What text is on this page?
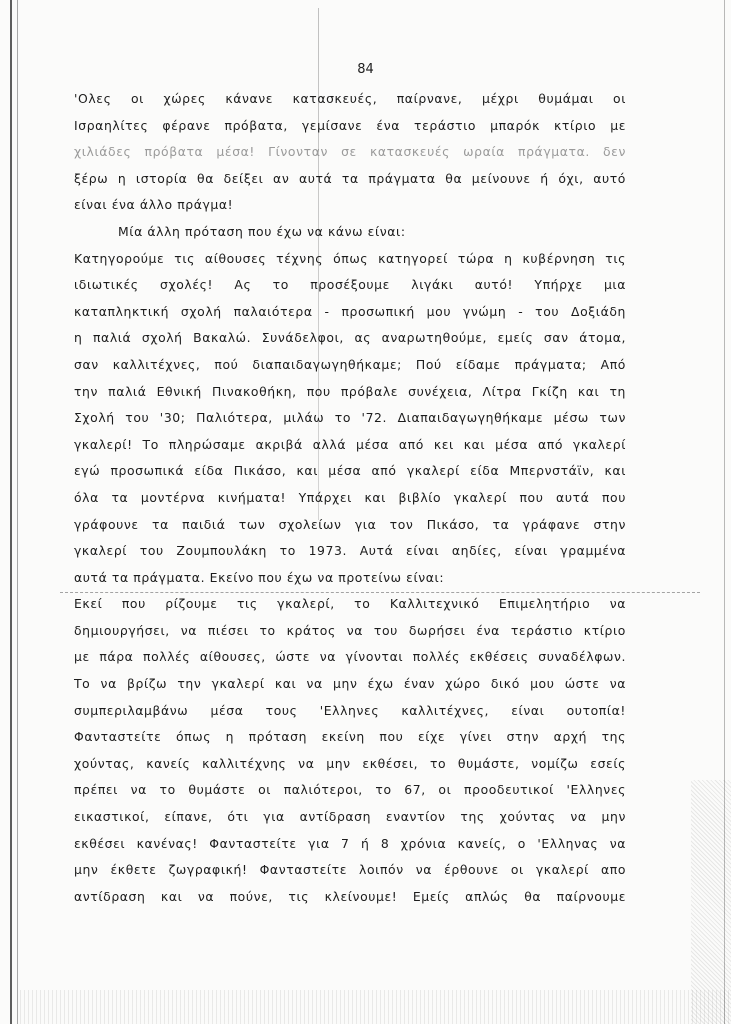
84
'Ολες οι χώρες κάνανε κατασκευές, παίρνανε, μέχρι θυμάμαι οι
Ισραηλίτες φέρανε πρόβατα, γεμίσανε ένα τεράστιο μπαρόκ κτίριο με
χιλιάδες πρόβατα μέσα! Γίνονταν σε κατασκευές ωραία πράγματα. δεν
ξέρω η ιστορία θα δείξει αν αυτά τα πράγματα θα μείνουνε ή όχι, αυτό
είναι ένα άλλο πράγμα!
Μία άλλη πρόταση που έχω να κάνω είναι:
Κατηγορούμε τις αίθουσες τέχνης όπως κατηγορεί τώρα η κυβέρνηση τις
ιδιωτικές σχολές! Ας το προσέξουμε λιγάκι αυτό! Υπήρχε μια
καταπληκτική σχολή παλαιότερα - προσωπική μου γνώμη - του Δοξιάδη
η παλιά σχολή Βακαλώ. Συνάδελφοι, ας αναρωτηθούμε, εμείς σαν άτομα,
σαν καλλιτέχνες, πού διαπαιδαγωγηθήκαμε; Πού είδαμε πράγματα; Από
την παλιά Εθνική Πινακοθήκη, που πρόβαλε συνέχεια, Λίτρα Γκίζη και τη
Σχολή του '30; Παλιότερα, μιλάω το '72. Διαπαιδαγωγηθήκαμε μέσω των
γκαλερί! Το πληρώσαμε ακριβά αλλά μέσα από κει και μέσα από γκαλερί
εγώ προσωπικά είδα Πικάσο, και μέσα από γκαλερί είδα Μπερνστάϊν, και
όλα τα μοντέρνα κινήματα! Υπάρχει και βιβλίο γκαλερί που αυτά που
γράφουνε τα παιδιά των σχολείων για τον Πικάσο, τα γράφανε στην
γκαλερί του Ζουμπουλάκη το 1973. Αυτά είναι αηδίες, είναι γραμμένα
αυτά τα πράγματα. Εκείνο που έχω να προτείνω είναι:
Εκεί που ρίζουμε τις γκαλερί, το Καλλιτεχνικό Επιμελητήριο να
δημιουργήσει, να πιέσει το κράτος να του δωρήσει ένα τεράστιο κτίριο
με πάρα πολλές αίθουσες, ώστε να γίνονται πολλές εκθέσεις συναδέλφων.
Το να βρίζω την γκαλερί και να μην έχω έναν χώρο δικό μου ώστε να
συμπεριλαμβάνω μέσα τους 'Ελληνες καλλιτέχνες, είναι ουτοπία!
Φανταστείτε όπως η πρόταση εκείνη που είχε γίνει στην αρχή της
χούντας, κανείς καλλιτέχνης να μην εκθέσει, το θυμάστε, νομίζω εσείς
πρέπει να το θυμάστε οι παλιότεροι, το 67, οι προοδευτικοί 'Ελληνες
εικαστικοί, είπανε, ότι για αντίδραση εναντίον της χούντας να μην
εκθέσει κανένας! Φανταστείτε για 7 ή 8 χρόνια κανείς, ο 'Ελληνας να
μην έκθετε ζωγραφική! Φανταστείτε λοιπόν να έρθουνε οι γκαλερί απο
αντίδραση και να πούνε, τις κλείνουμε! Εμείς απλώς θα παίρνουμε
